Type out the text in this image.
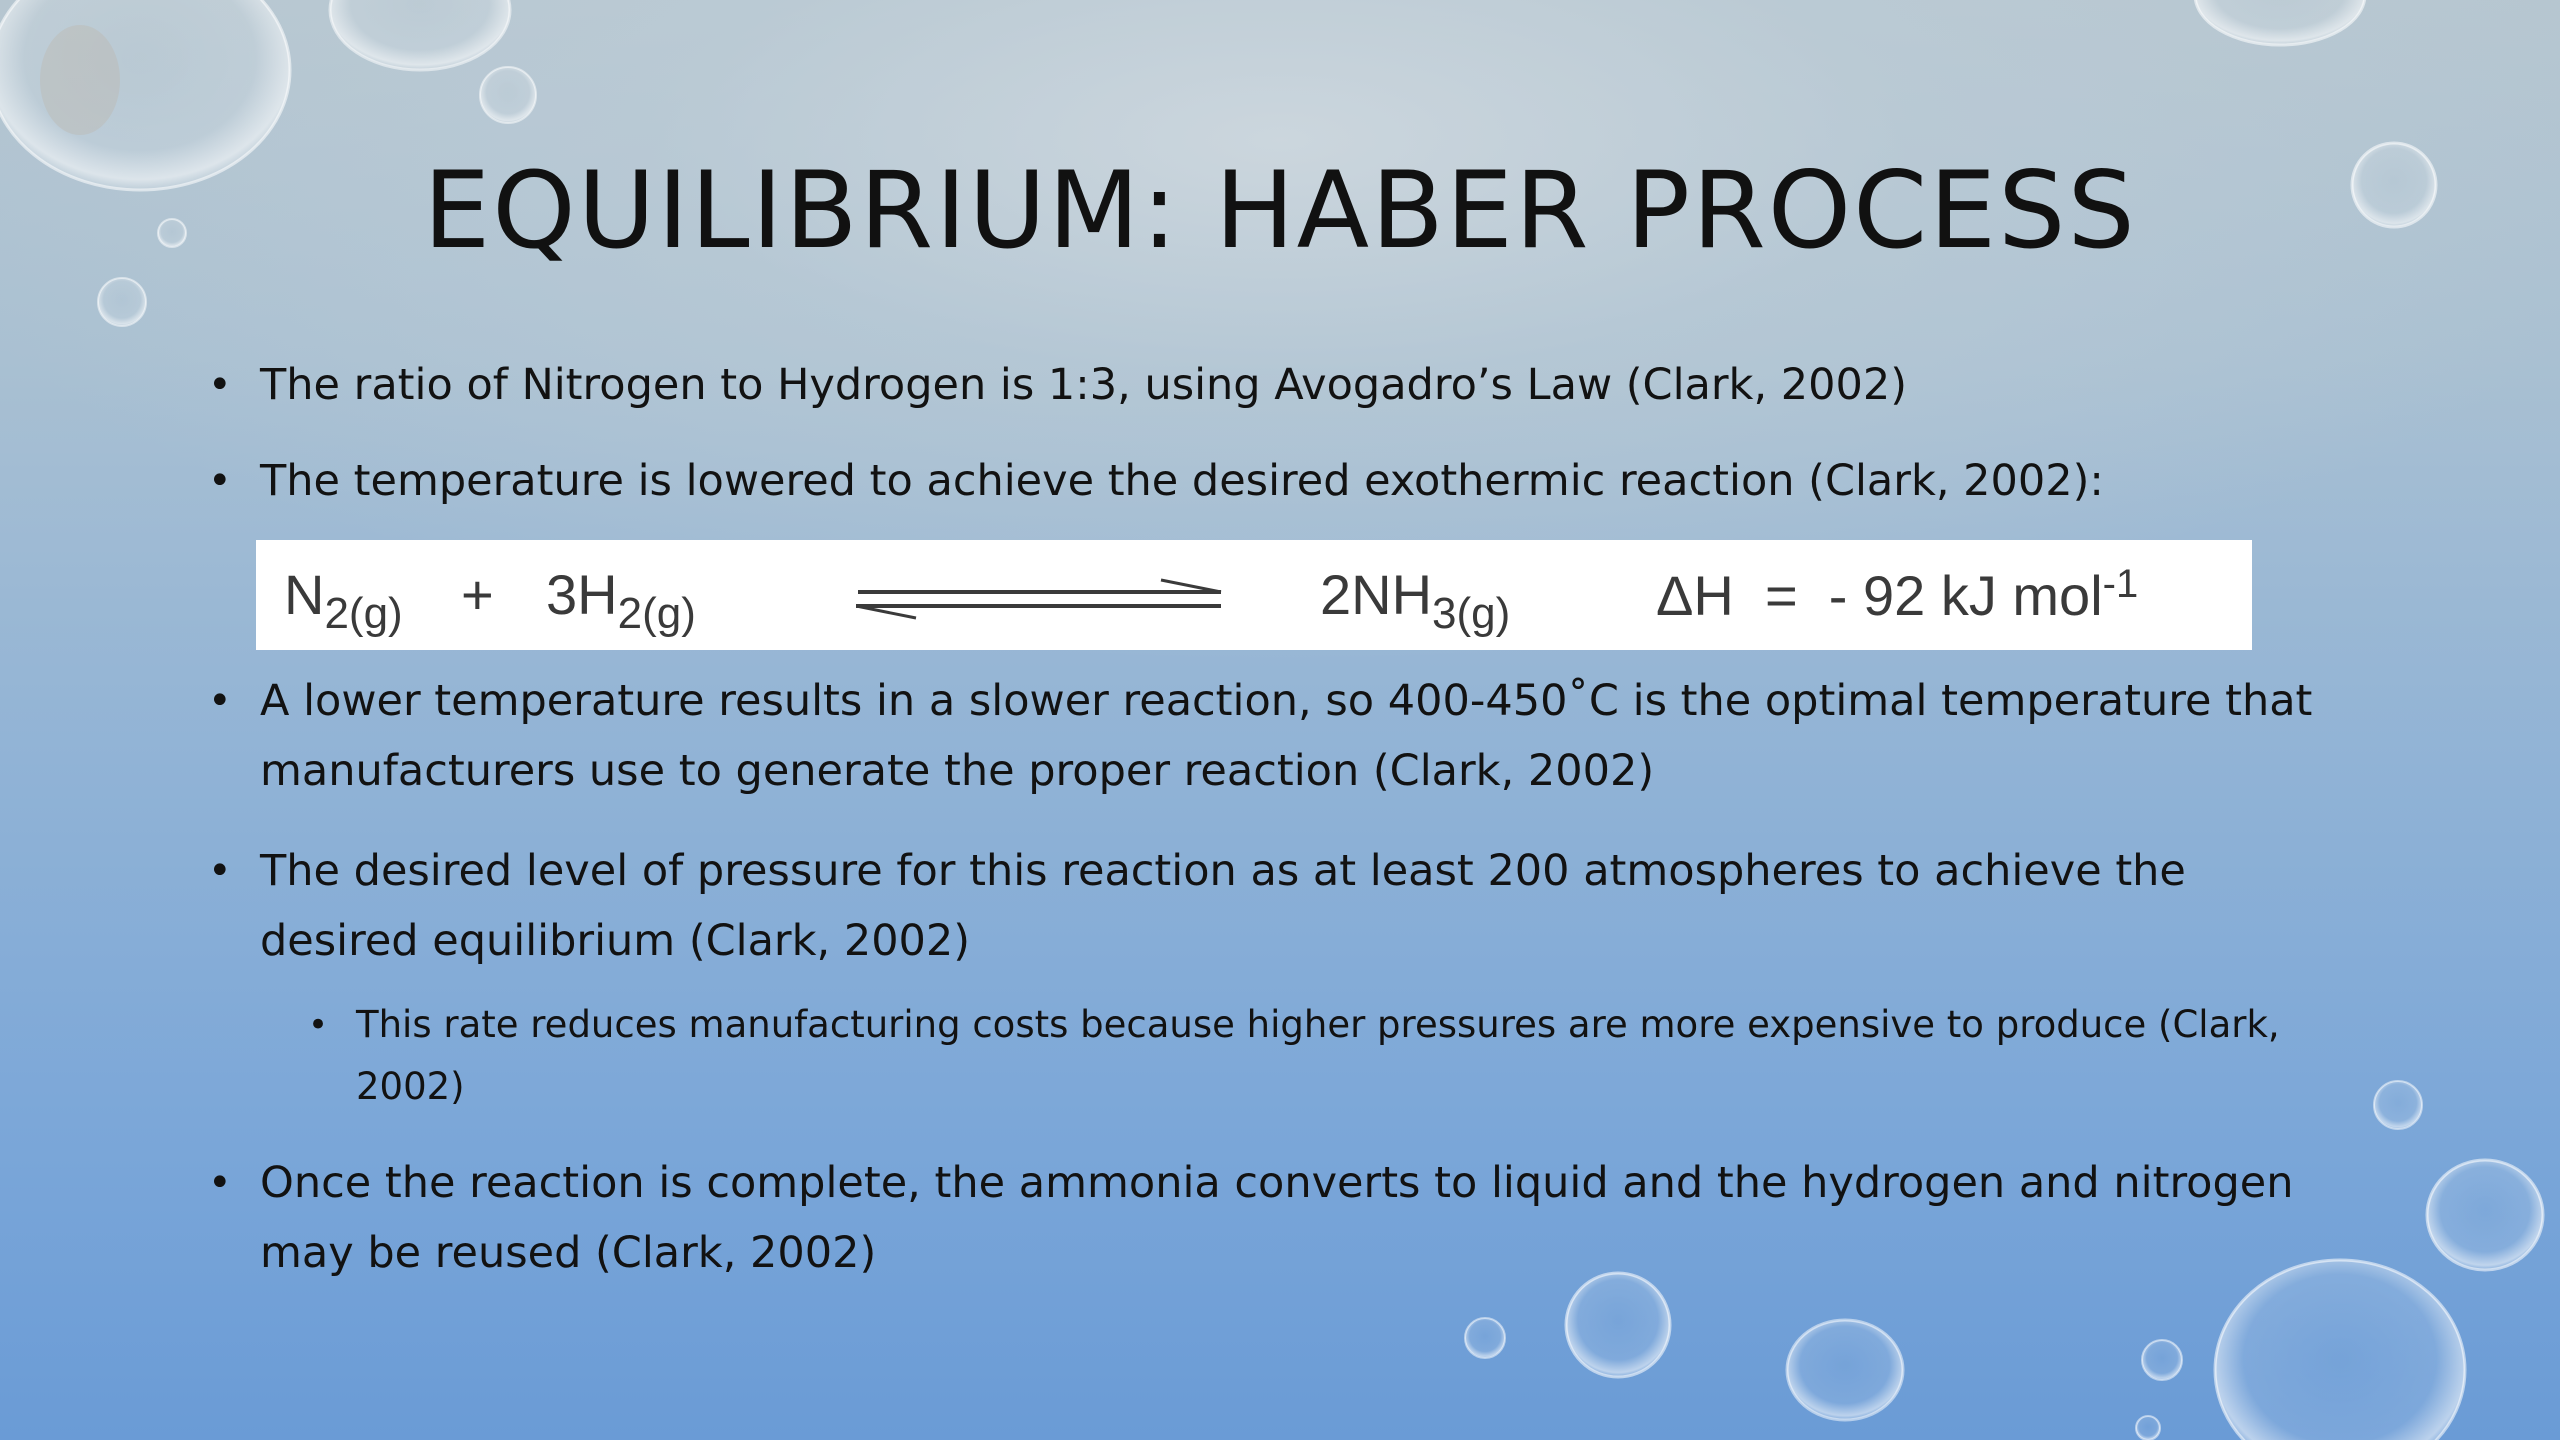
EQUILIBRIUM: HABER PROCESS

• The ratio of Nitrogen to Hydrogen is 1:3, using Avogadro’s Law (Clark, 2002)

• The temperature is lowered to achieve the desired exothermic reaction (Clark, 2002):

• A lower temperature results in a slower reaction, so 400-450˚C is the optimal temperature that manufacturers use to generate the proper reaction (Clark, 2002)

• The desired level of pressure for this reaction as at least 200 atmospheres to achieve the desired equilibrium (Clark, 2002)

• This rate reduces manufacturing costs because higher pressures are more expensive to produce (Clark, 2002)

• Once the reaction is complete, the ammonia converts to liquid and the hydrogen and nitrogen may be reused (Clark, 2002)

$N_{2(g)} + 3H_{2(g)}$	$2NH_{3(g)}$	ΔH  =  - 92 kJ mol$^{-1}$
